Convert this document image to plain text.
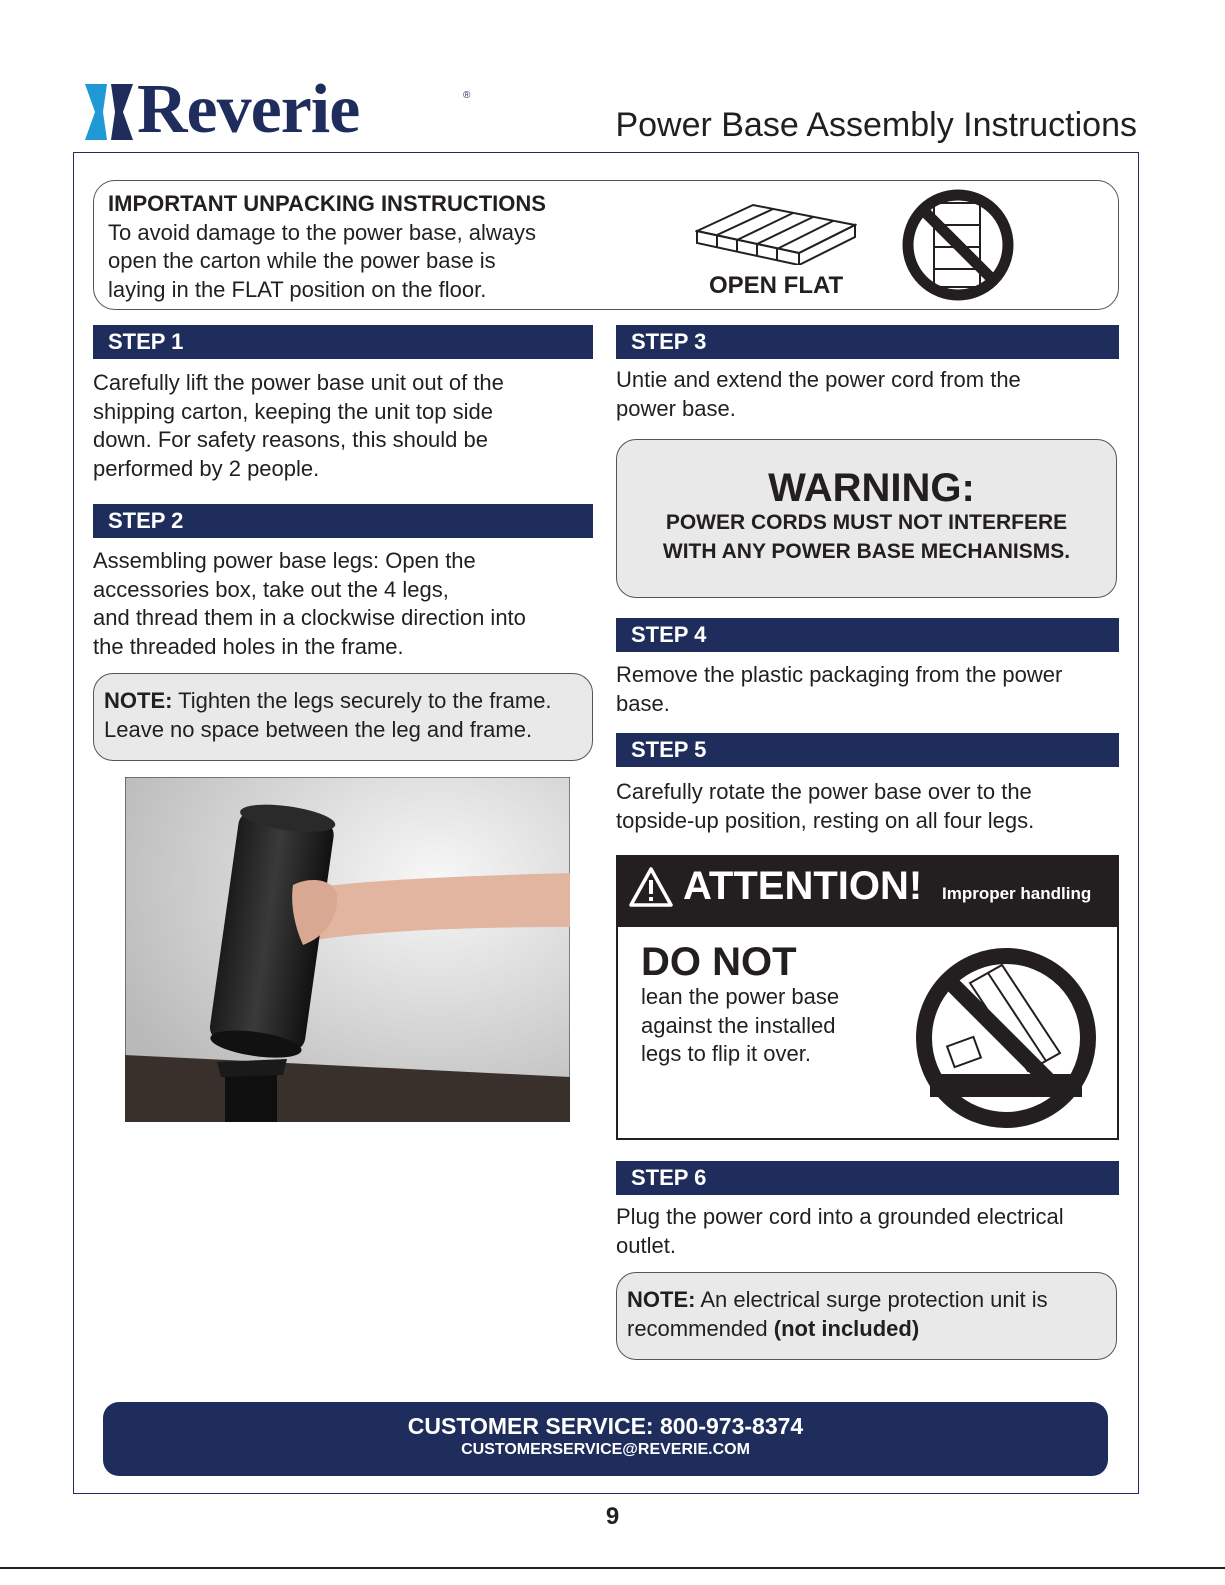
Reverie	®
Power Base Assembly Instructions
IMPORTANT UNPACKING INSTRUCTIONS
To avoid damage to the power base, always
open the carton while the power base is
laying in the FLAT position on the floor.	OPEN FLAT
STEP 1
Carefully lift the power base unit out of the
shipping carton, keeping the unit top side
down. For safety reasons, this should be
performed by 2 people.
STEP 2
Assembling power base legs: Open the
accessories box, take out the 4 legs,
and thread them in a clockwise direction into
the threaded holes in the frame.
NOTE: Tighten the legs securely to the frame.
Leave no space between the leg and frame.
STEP 3
Untie and extend the power cord from the
power base.
WARNING:
POWER CORDS MUST NOT INTERFERE
WITH ANY POWER BASE MECHANISMS.
STEP 4
Remove the plastic packaging from the power
base.
STEP 5
Carefully rotate the power base over to the
topside-up position, resting on all four legs.
ATTENTION! Improper handling
DO NOT
lean the power base
against the installed
legs to flip it over.
STEP 6
Plug the power cord into a grounded electrical
outlet.
NOTE: An electrical surge protection unit is
recommended (not included)
CUSTOMER SERVICE: 800-973-8374
CUSTOMERSERVICE@REVERIE.COM
9
